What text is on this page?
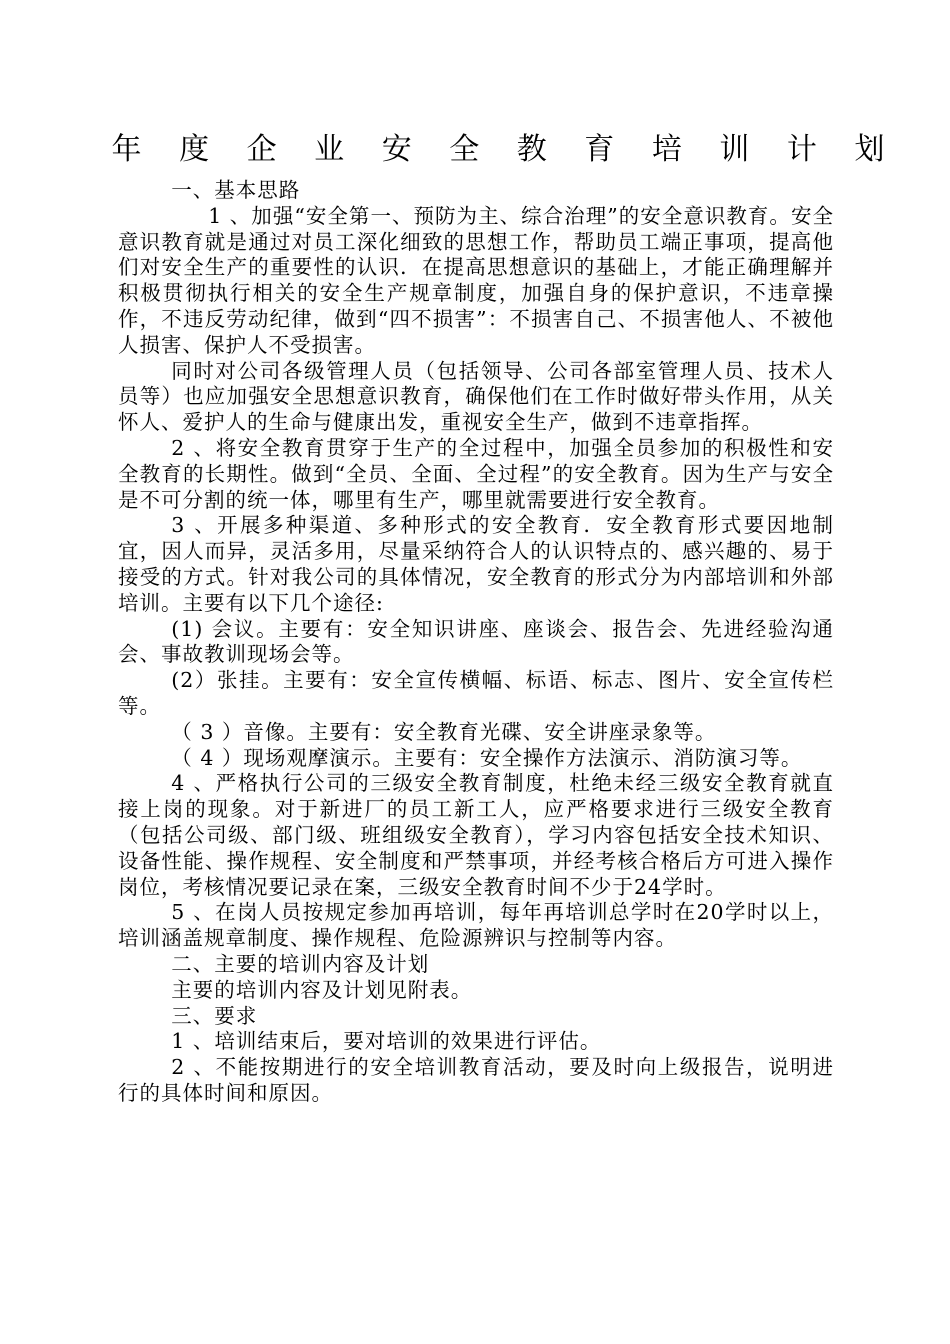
年 度 企 业 安 全 教 育 培 训 计 划

一、基本思路

1 、加强“安全第一、预防为主、综合治理”的安全意识教育。安全意识教育就是通过对员工深化细致的思想工作，帮助员工端正事项，提高他们对安全生产的重要性的认识．在提高思想意识的基础上，才能正确理解并积极贯彻执行相关的安全生产规章制度，加强自身的保护意识，不违章操作，不违反劳动纪律，做到“四不损害”：不损害自己、不损害他人、不被他人损害、保护人不受损害。

同时对公司各级管理人员（包括领导、公司各部室管理人员、技术人员等）也应加强安全思想意识教育，确保他们在工作时做好带头作用，从关怀人、爱护人的生命与健康出发，重视安全生产，做到不违章指挥。

2 、将安全教育贯穿于生产的全过程中，加强全员参加的积极性和安全教育的长期性。做到“全员、全面、全过程”的安全教育。因为生产与安全是不可分割的统一体，哪里有生产，哪里就需要进行安全教育。

3 、开展多种渠道、多种形式的安全教育．安全教育形式要因地制宜，因人而异，灵活多用，尽量采纳符合人的认识特点的、感兴趣的、易于接受的方式。针对我公司的具体情况，安全教育的形式分为内部培训和外部培训。主要有以下几个途径:

(1) 会议。主要有：安全知识讲座、座谈会、报告会、先进经验沟通会、事故教训现场会等。

(2）张挂。主要有：安全宣传横幅、标语、标志、图片、安全宣传栏等。

（ 3 ）音像。主要有：安全教育光碟、安全讲座录象等。

（ 4 ）现场观摩演示。主要有：安全操作方法演示、消防演习等。

4 、严格执行公司的三级安全教育制度，杜绝未经三级安全教育就直接上岗的现象。对于新进厂的员工新工人，应严格要求进行三级安全教育（包括公司级、部门级、班组级安全教育），学习内容包括安全技术知识、设备性能、操作规程、安全制度和严禁事项，并经考核合格后方可进入操作岗位，考核情况要记录在案，三级安全教育时间不少于24学时。

5 、在岗人员按规定参加再培训，每年再培训总学时在20学时以上，培训涵盖规章制度、操作规程、危险源辨识与控制等内容。

二、主要的培训内容及计划

主要的培训内容及计划见附表。

三、要求

1 、培训结束后，要对培训的效果进行评估。

2 、不能按期进行的安全培训教育活动，要及时向上级报告，说明进行的具体时间和原因。
